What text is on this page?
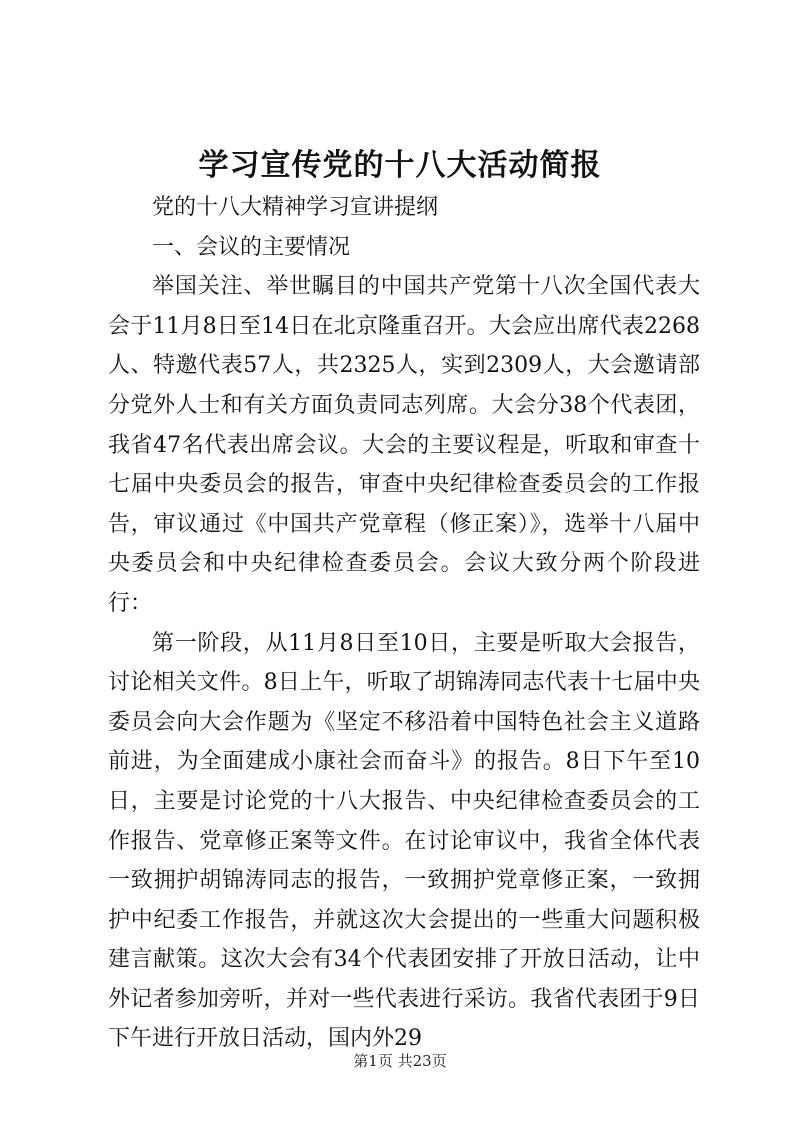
学习宣传党的十八大活动简报

党的十八大精神学习宣讲提纲

一、会议的主要情况

举国关注、举世瞩目的中国共产党第十八次全国代表大会于11月8日至14日在北京隆重召开。大会应出席代表2268人、特邀代表57人，共2325人，实到2309人，大会邀请部分党外人士和有关方面负责同志列席。大会分38个代表团，我省47名代表出席会议。大会的主要议程是，听取和审查十七届中央委员会的报告，审查中央纪律检查委员会的工作报告，审议通过《中国共产党章程（修正案）》，选举十八届中央委员会和中央纪律检查委员会。会议大致分两个阶段进行：

第一阶段，从11月8日至10日，主要是听取大会报告，讨论相关文件。8日上午，听取了胡锦涛同志代表十七届中央委员会向大会作题为《坚定不移沿着中国特色社会主义道路前进，为全面建成小康社会而奋斗》的报告。8日下午至10日，主要是讨论党的十八大报告、中央纪律检查委员会的工作报告、党章修正案等文件。在讨论审议中，我省全体代表一致拥护胡锦涛同志的报告，一致拥护党章修正案，一致拥护中纪委工作报告，并就这次大会提出的一些重大问题积极建言献策。这次大会有34个代表团安排了开放日活动，让中外记者参加旁听，并对一些代表进行采访。我省代表团于9日下午进行开放日活动，国内外29

第1页 共23页
